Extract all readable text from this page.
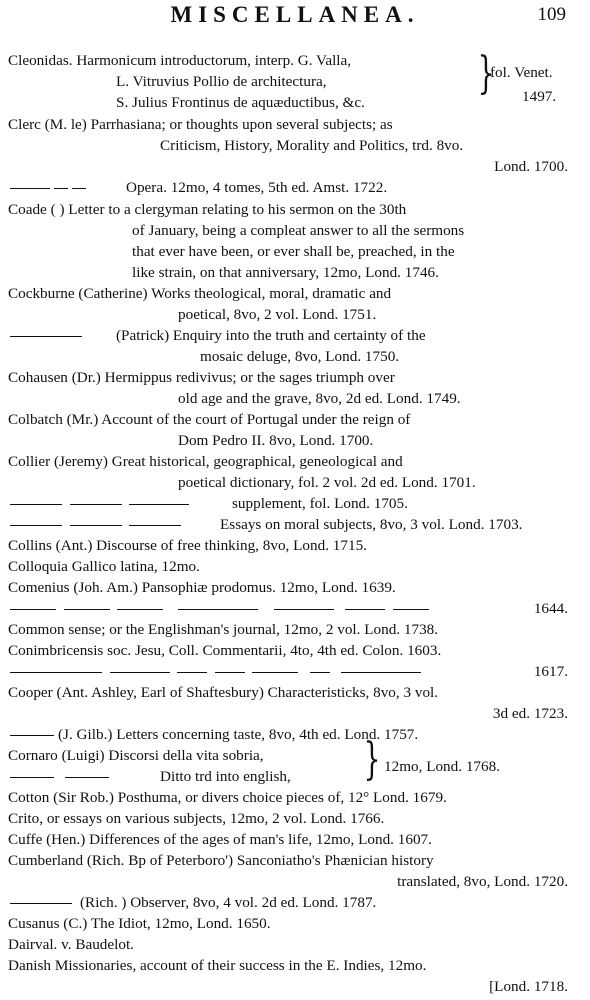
MISCELLANEA.	109
Cleonidas. Harmonicum introductorum, interp. G. Valla,
L. Vitruvius Pollio de architectura,
S. Julius Frontinus de aquæductibus, &c.
}
fol. Venet.
1497.
Clerc (M. le) Parrhasiana; or thoughts upon several subjects; as
Criticism, History, Morality and Politics, trd. 8vo.
Lond. 1700.

Opera. 12mo, 4 tomes, 5th ed. Amst. 1722.
Coade ( ) Letter to a clergyman relating to his sermon on the 30th
of January, being a compleat answer to all the sermons
that ever have been, or ever shall be, preached, in the
like strain, on that anniversary, 12mo, Lond. 1746.
Cockburne (Catherine) Works theological, moral, dramatic and
poetical, 8vo, 2 vol. Lond. 1751.
(Patrick) Enquiry into the truth and certainty of the
mosaic deluge, 8vo, Lond. 1750.
Cohausen (Dr.) Hermippus redivivus; or the sages triumph over
old age and the grave, 8vo, 2d ed. Lond. 1749.
Colbatch (Mr.) Account of the court of Portugal under the reign of
Dom Pedro II. 8vo, Lond. 1700.
Collier (Jeremy) Great historical, geographical, geneological and
poetical dictionary, fol. 2 vol. 2d ed. Lond. 1701.

supplement, fol. Lond. 1705.

Essays on moral subjects, 8vo, 3 vol. Lond. 1703.
Collins (Ant.) Discourse of free thinking, 8vo, Lond. 1715.
Colloquia Gallico latina, 12mo.
Comenius (Joh. Am.) Pansophiæ prodomus. 12mo, Lond. 1639.

1644.
Common sense; or the Englishman's journal, 12mo, 2 vol. Lond. 1738.
Conimbricensis soc. Jesu, Coll. Commentarii, 4to, 4th ed. Colon. 1603.

1617.
Cooper (Ant. Ashley, Earl of Shaftesbury) Characteristicks, 8vo, 3 vol.
3d ed. 1723.
(J. Gilb.) Letters concerning taste, 8vo, 4th ed. Lond. 1757.
Cornaro (Luigi) Discorsi della vita sobria,

Ditto trd into english, } 12mo, Lond. 1768.
Cotton (Sir Rob.) Posthuma, or divers choice pieces of, 12° Lond. 1679.
Crito, or essays on various subjects, 12mo, 2 vol. Lond. 1766.
Cuffe (Hen.) Differences of the ages of man's life, 12mo, Lond. 1607.
Cumberland (Rich. Bp of Peterboro') Sanconiatho's Phænician history
translated, 8vo, Lond. 1720.
(Rich. ) Observer, 8vo, 4 vol. 2d ed. Lond. 1787.
Cusanus (C.) The Idiot, 12mo, Lond. 1650.
Dairval. v. Baudelot.
Danish Missionaries, account of their success in the E. Indies, 12mo.
[Lond. 1718.
